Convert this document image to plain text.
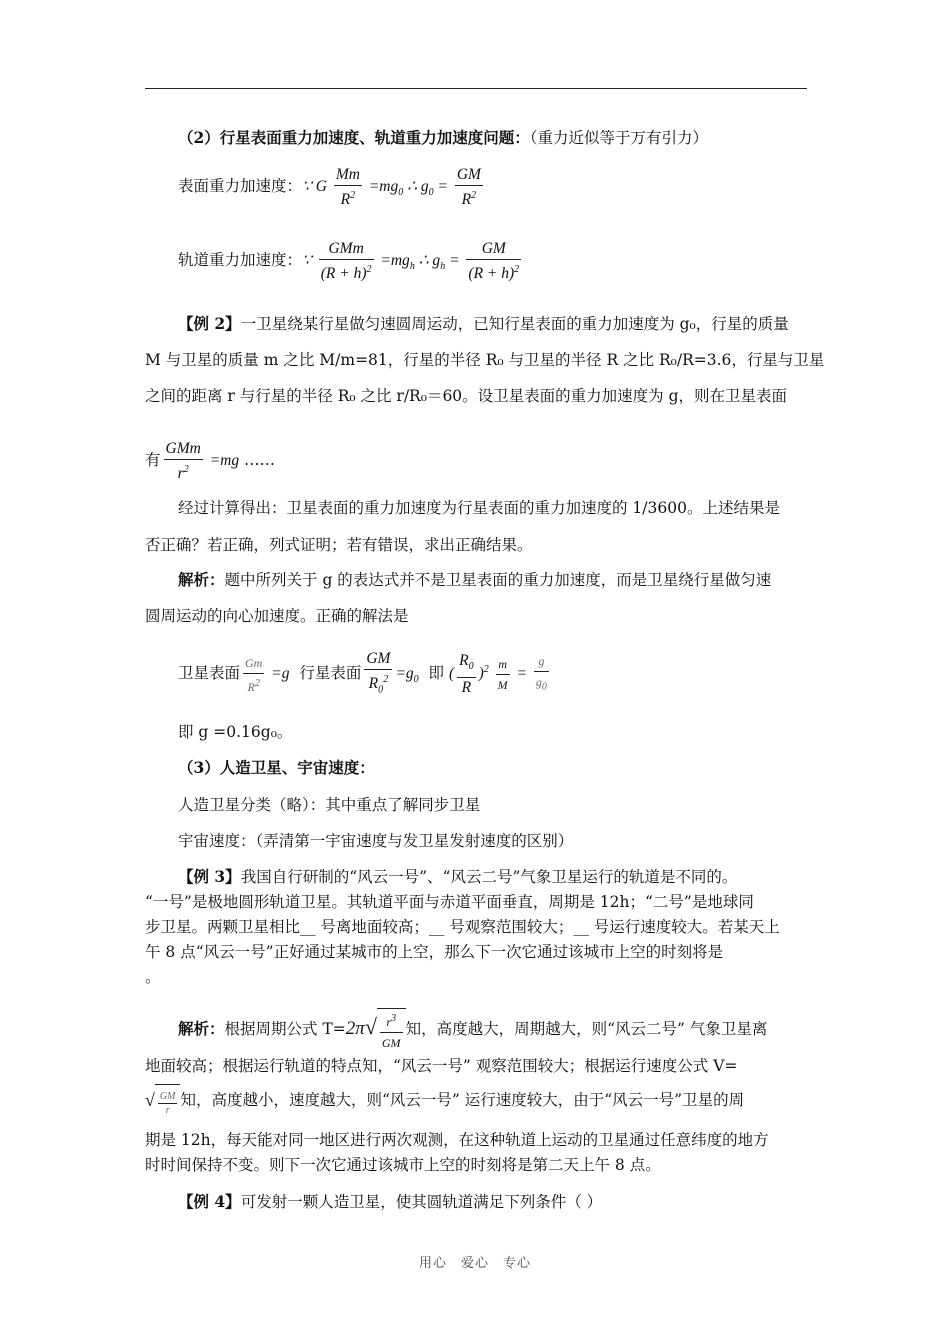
（2）行星表面重力加速度、轨道重力加速度问题：（重力近似等于万有引力）
表面重力加速度：∵ G $\frac{Mm}{R^2} =mg_0$ ∴ $g_0 = \frac{GM}{R^2}$
轨道重力加速度：∵ $\frac{\text{GMm}}{(R + h)^2} =mg_h$ ∴ $g_h = \frac{GM}{(R + h)^2}$
【例 2】一卫星绕某行星做匀速圆周运动，已知行星表面的重力加速度为 g₀，行星的质量
M 与卫星的质量 m 之比 M/m=81，行星的半径 R₀ 与卫星的半径 R 之比 R₀/R=3.6，行星与卫星
之间的距离 r 与行星的半径 R₀ 之比 r/R₀＝60。设卫星表面的重力加速度为 g，则在卫星表面
有 $\frac{\text{GMm}}{r^2} =mg$ ……
经过计算得出：卫星表面的重力加速度为行星表面的重力加速度的 1/3600。上述结果是
否正确？若正确，列式证明；若有错误，求出正确结果。
解析：题中所列关于 g 的表达式并不是卫星表面的重力加速度，而是卫星绕行星做匀速
圆周运动的向心加速度。正确的解法是
卫星表面 $\frac{Gm}{R^2} =g$ 行星表面 $\frac{GM}{R_0^2} =g_0$ 即 ( $\frac{R_0}{R} )^2 \frac{m}{M} = \frac{g}{g_0}$
即 g =0.16g₀。
（3）人造卫星、宇宙速度：
人造卫星分类（略）：其中重点了解同步卫星
宇宙速度：（弄清第一宇宙速度与发卫星发射速度的区别）
【例 3】我国自行研制的“风云一号”、“风云二号”气象卫星运行的轨道是不同的。
“一号”是极地圆形轨道卫星。其轨道平面与赤道平面垂直，周期是 12h；“二号”是地球同
步卫星。两颗卫星相比__ 号离地面较高；__ 号观察范围较大；__ 号运行速度较大。若某天上
午 8 点“风云一号”正好通过某城市的上空，那么下一次它通过该城市上空的时刻将是
。
解析：根据周期公式 $T=2\pi√ \frac{r^3}{GM}$ 知，高度越大，周期越大，则“风云二号” 气象卫星离
地面较高；根据运行轨道的特点知，“风云一号” 观察范围较大；根据运行速度公式 V=
√ $\frac{GM}{r}$ 知，高度越小，速度越大，则“风云一号” 运行速度较大，由于“风云一号”卫星的周
期是 12h，每天能对同一地区进行两次观测，在这种轨道上运动的卫星通过任意纬度的地方
时时间保持不变。则下一次它通过该城市上空的时刻将是第二天上午 8 点。
【例 4】可发射一颗人造卫星，使其圆轨道满足下列条件（ ）
用心　爱心　专心
